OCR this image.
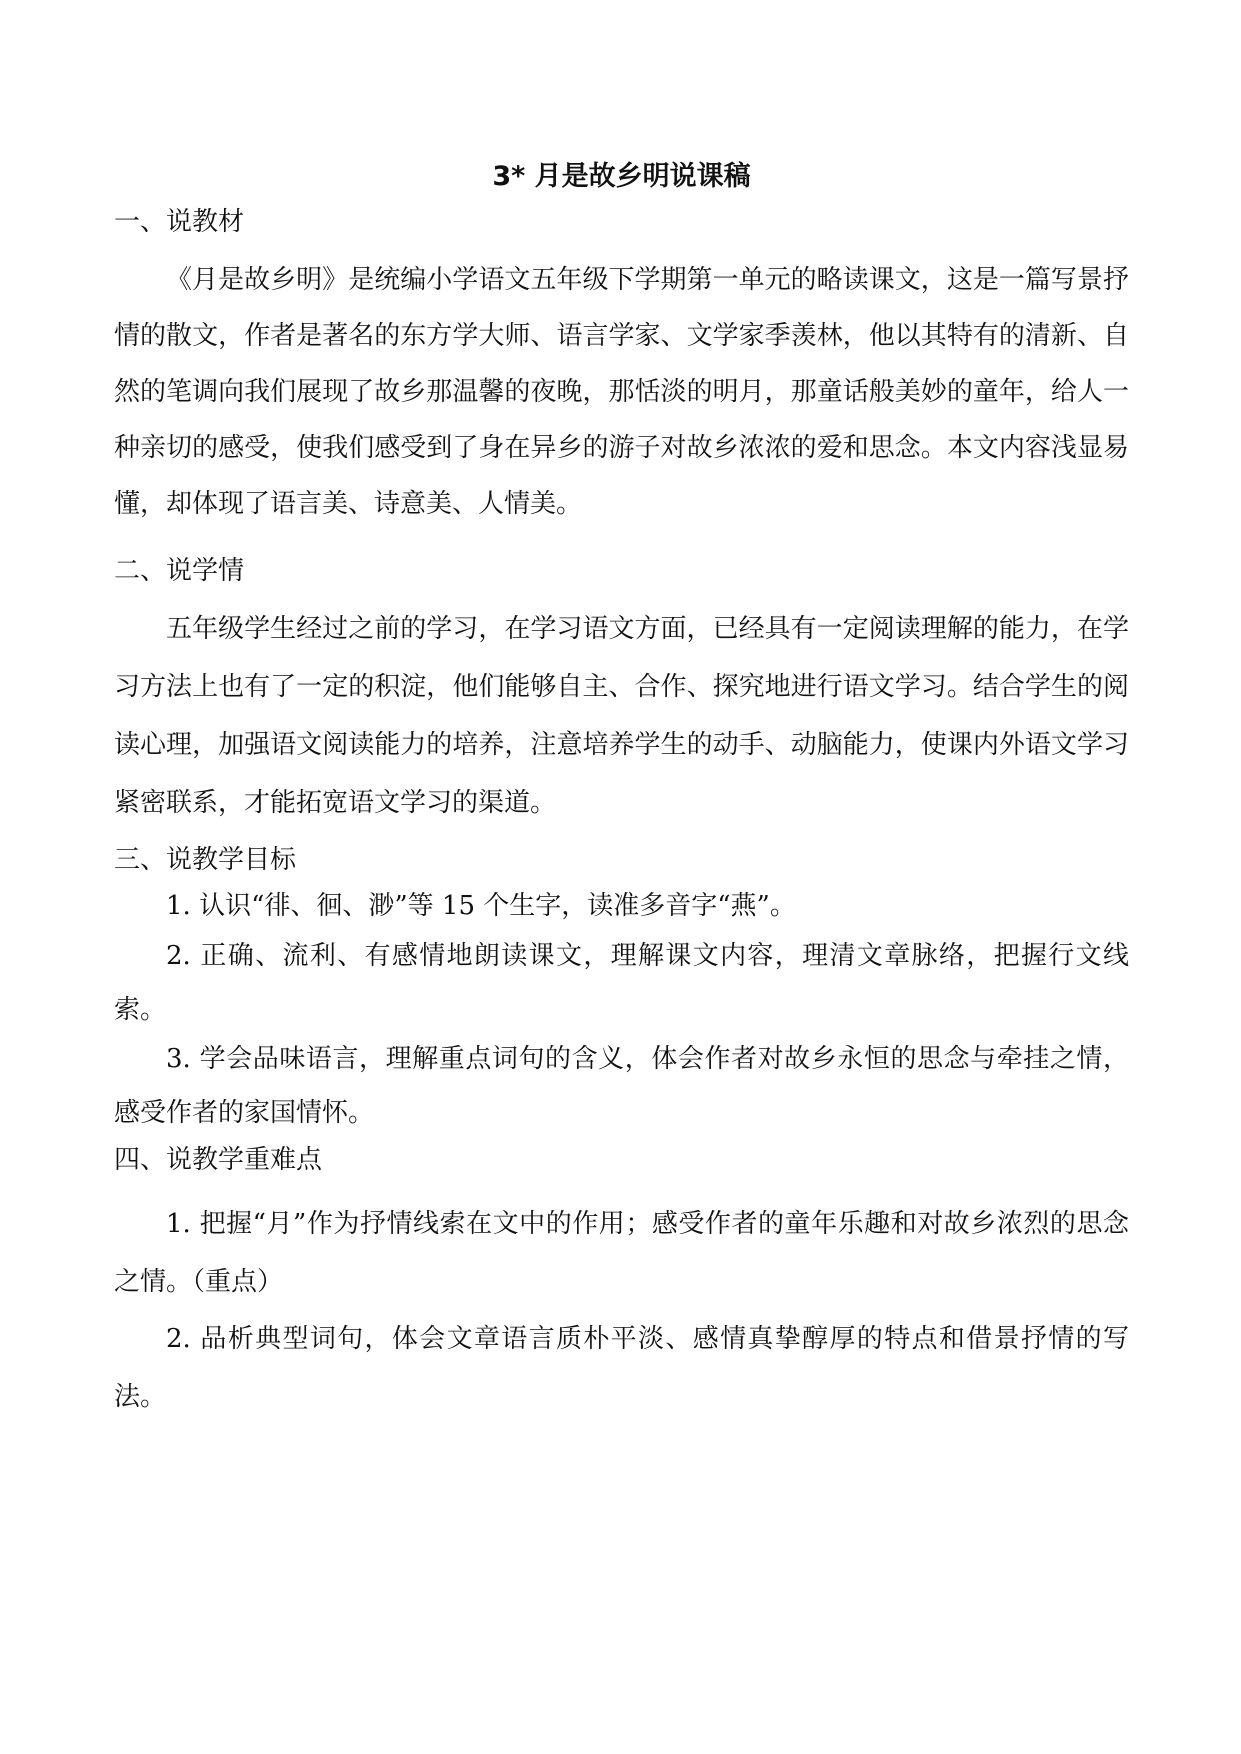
3* 月是故乡明说课稿
一、说教材

《月是故乡明》是统编小学语文五年级下学期第一单元的略读课文，这是一篇写景抒情的散文，作者是著名的东方学大师、语言学家、文学家季羡林，他以其特有的清新、自然的笔调向我们展现了故乡那温馨的夜晚，那恬淡的明月，那童话般美妙的童年，给人一种亲切的感受，使我们感受到了身在异乡的游子对故乡浓浓的爱和思念。本文内容浅显易懂，却体现了语言美、诗意美、人情美。

二、说学情

五年级学生经过之前的学习，在学习语文方面，已经具有一定阅读理解的能力，在学习方法上也有了一定的积淀，他们能够自主、合作、探究地进行语文学习。结合学生的阅读心理，加强语文阅读能力的培养，注意培养学生的动手、动脑能力，使课内外语文学习紧密联系，才能拓宽语文学习的渠道。

三、说教学目标

1. 认识“徘、徊、渺”等 15 个生字，读准多音字“燕”。

2. 正确、流利、有感情地朗读课文，理解课文内容，理清文章脉络，把握行文线索。

3. 学会品味语言，理解重点词句的含义，体会作者对故乡永恒的思念与牵挂之情，感受作者的家国情怀。

四、说教学重难点

1. 把握“月”作为抒情线索在文中的作用；感受作者的童年乐趣和对故乡浓烈的思念之情。（重点）

2. 品析典型词句，体会文章语言质朴平淡、感情真挚醇厚的特点和借景抒情的写法。
